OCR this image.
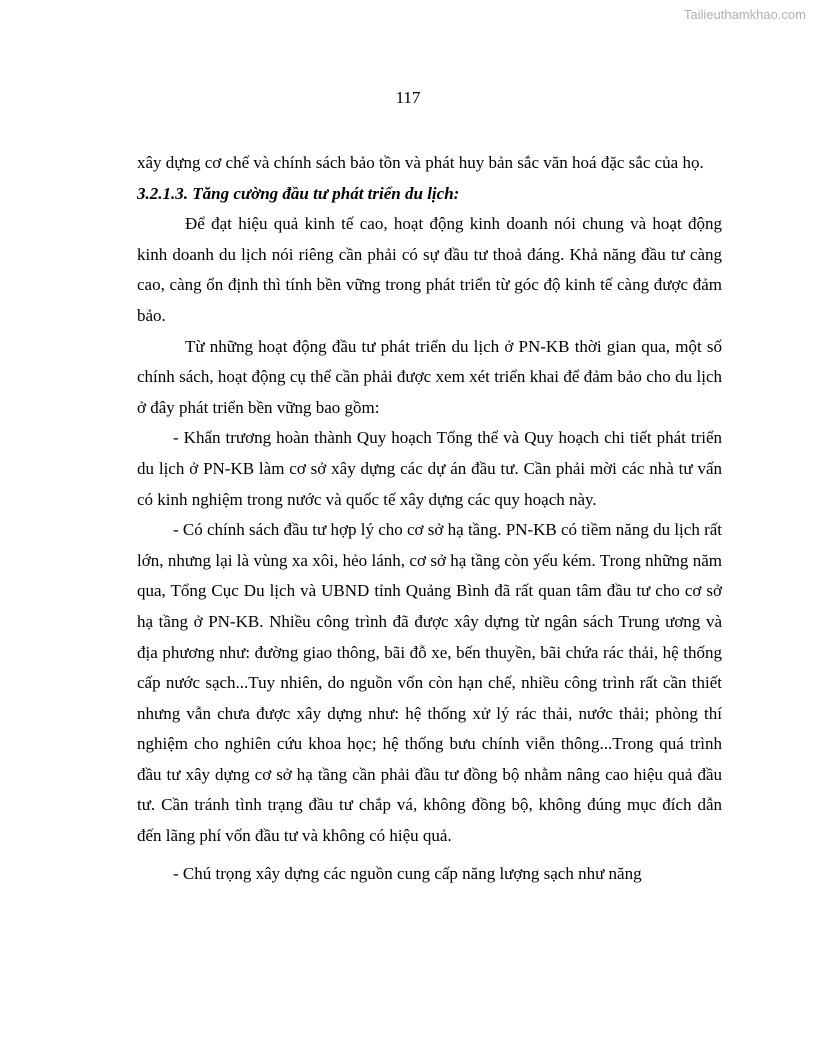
Tailieuthamkhao.com
117

xây dựng cơ chế và chính sách bảo tồn và phát huy bản sắc văn hoá đặc sắc của họ.

3.2.1.3. Tăng cường đầu tư phát triển du lịch:

Để đạt hiệu quả kinh tế cao, hoạt động kinh doanh nói chung và hoạt động kinh doanh du lịch nói riêng cần phải có sự đầu tư thoả đáng. Khả năng đầu tư càng cao, càng ổn định thì tính bền vững trong phát triển từ góc độ kinh tế càng được đảm bảo.

Từ những hoạt động đầu tư phát triển du lịch ở PN-KB thời gian qua, một số chính sách, hoạt động cụ thể cần phải được xem xét triển khai để đảm bảo cho du lịch ở đây phát triển bền vững bao gồm:

- Khẩn trương hoàn thành Quy hoạch Tổng thể và Quy hoạch chi tiết phát triển du lịch ở PN-KB làm cơ sở xây dựng các dự án đầu tư. Cần phải mời các nhà tư vấn có kinh nghiệm trong nước và quốc tế xây dựng các quy hoạch này.

- Có chính sách đầu tư hợp lý cho cơ sở hạ tầng. PN-KB có tiềm năng du lịch rất lớn, nhưng lại là vùng xa xôi, hẻo lánh, cơ sở hạ tầng còn yếu kém. Trong những năm qua, Tổng Cục Du lịch và UBND tỉnh Quảng Bình đã rất quan tâm đầu tư cho cơ sở hạ tầng ở PN-KB. Nhiều công trình đã được xây dựng từ ngân sách Trung ương và địa phương như: đường giao thông, bãi đỗ xe, bến thuyền, bãi chứa rác thải, hệ thống cấp nước sạch...Tuy nhiên, do nguồn vốn còn hạn chế, nhiều công trình rất cần thiết nhưng vẫn chưa được xây dựng như: hệ thống xử lý rác thải, nước thải; phòng thí nghiệm cho nghiên cứu khoa học; hệ thống bưu chính viễn thông...Trong quá trình đầu tư xây dựng cơ sở hạ tầng cần phải đầu tư đồng bộ nhằm nâng cao hiệu quả đầu tư. Cần tránh tình trạng đầu tư chắp vá, không đồng bộ, không đúng mục đích dẫn đến lãng phí vốn đầu tư và không có hiệu quả.

- Chú trọng xây dựng các nguồn cung cấp năng lượng sạch như năng
